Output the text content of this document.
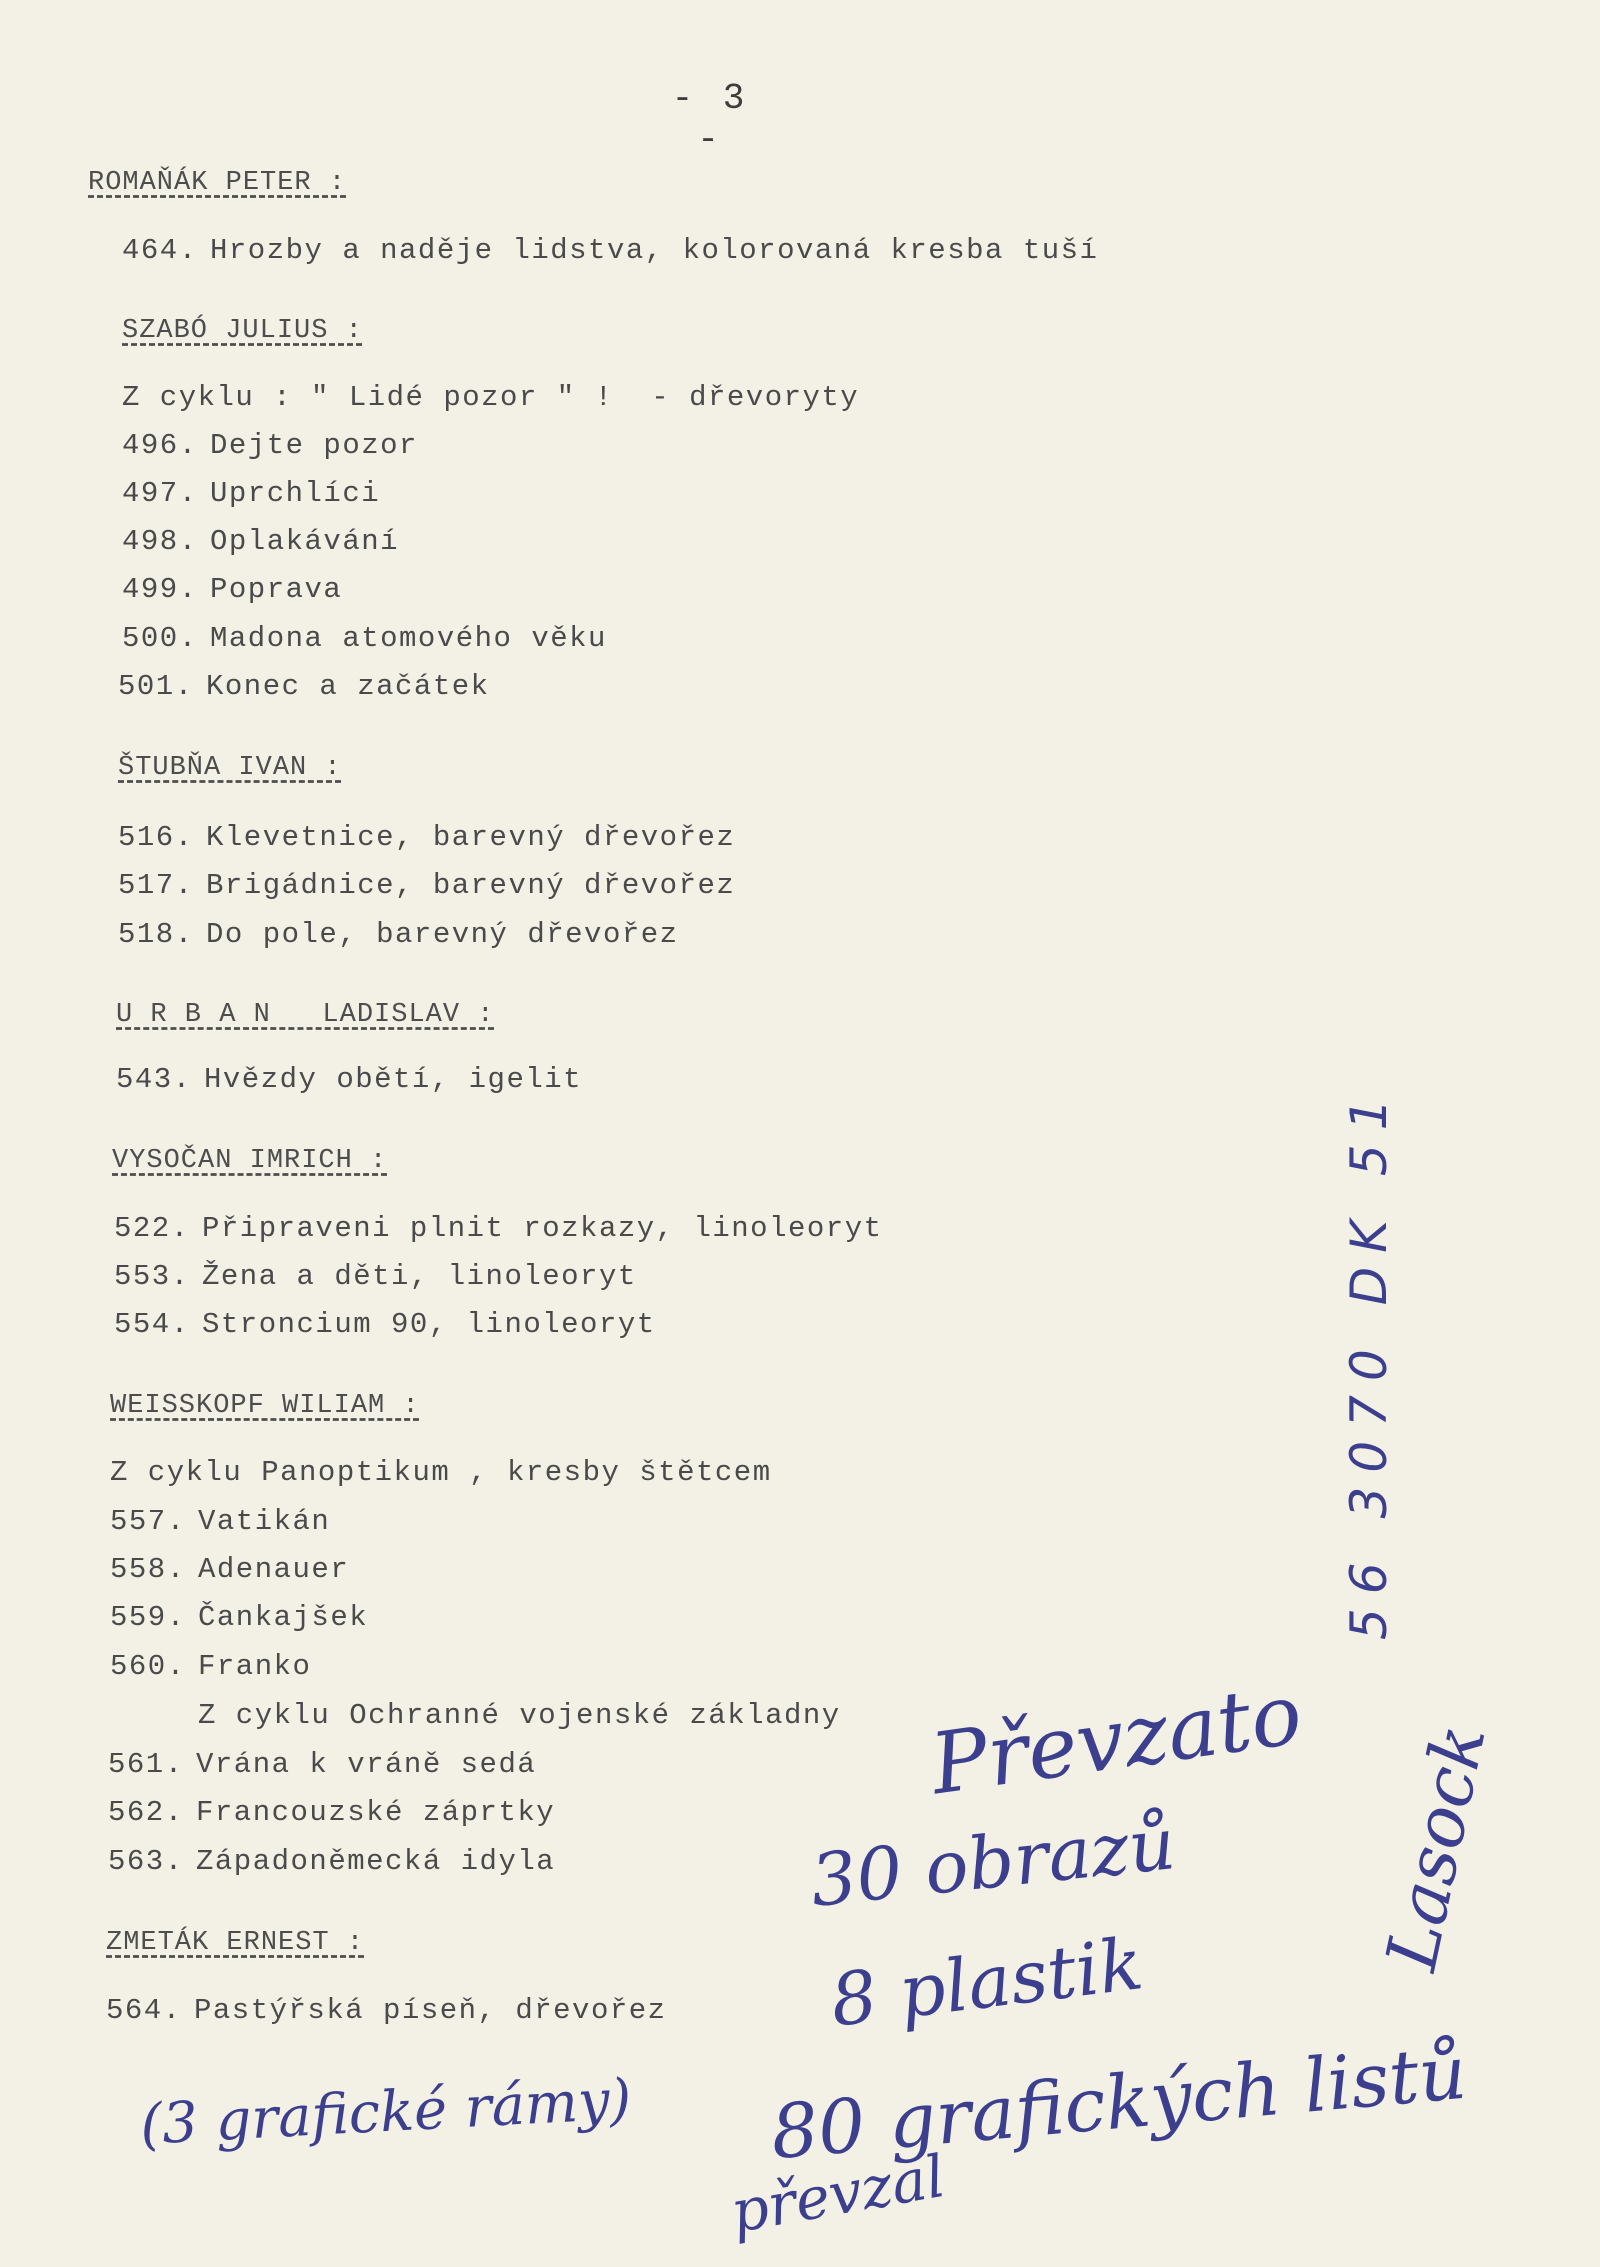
- 3 -
ROMAŇÁK PETER :
464. Hrozby a naděje lidstva, kolorovaná kresba tuší
SZABÓ JULIUS :
Z cyklu : " Lidé pozor " !  - dřevoryty
496. Dejte pozor
497. Uprchlíci
498. Oplakávání
499. Poprava
500. Madona atomového věku
501. Konec a začátek
ŠTUBŇA IVAN :
516. Klevetnice, barevný dřevořez
517. Brigádnice, barevný dřevořez
518. Do pole, barevný dřevořez
U R B A N   LADISLAV :
543. Hvězdy obětí, igelit
VYSOČAN IMRICH :
522. Připraveni plnit rozkazy, linoleoryt
553. Žena a děti, linoleoryt
554. Stroncium 90, linoleoryt
WEISSKOPF WILIAM :
Z cyklu Panoptikum , kresby štětcem
557. Vatikán
558. Adenauer
559. Čankajšek
560. Franko
Z cyklu Ochranné vojenské základny
561. Vrána k vráně sedá
562. Francouzské záprtky
563. Západoněmecká idyla
ZMETÁK ERNEST :
564. Pastýřská píseň, dřevořez
Převzato
30 obrazů
8 plastik
80 grafických listů
převzal
(3 grafické rámy)
56 3070 DK 51
Lasock
